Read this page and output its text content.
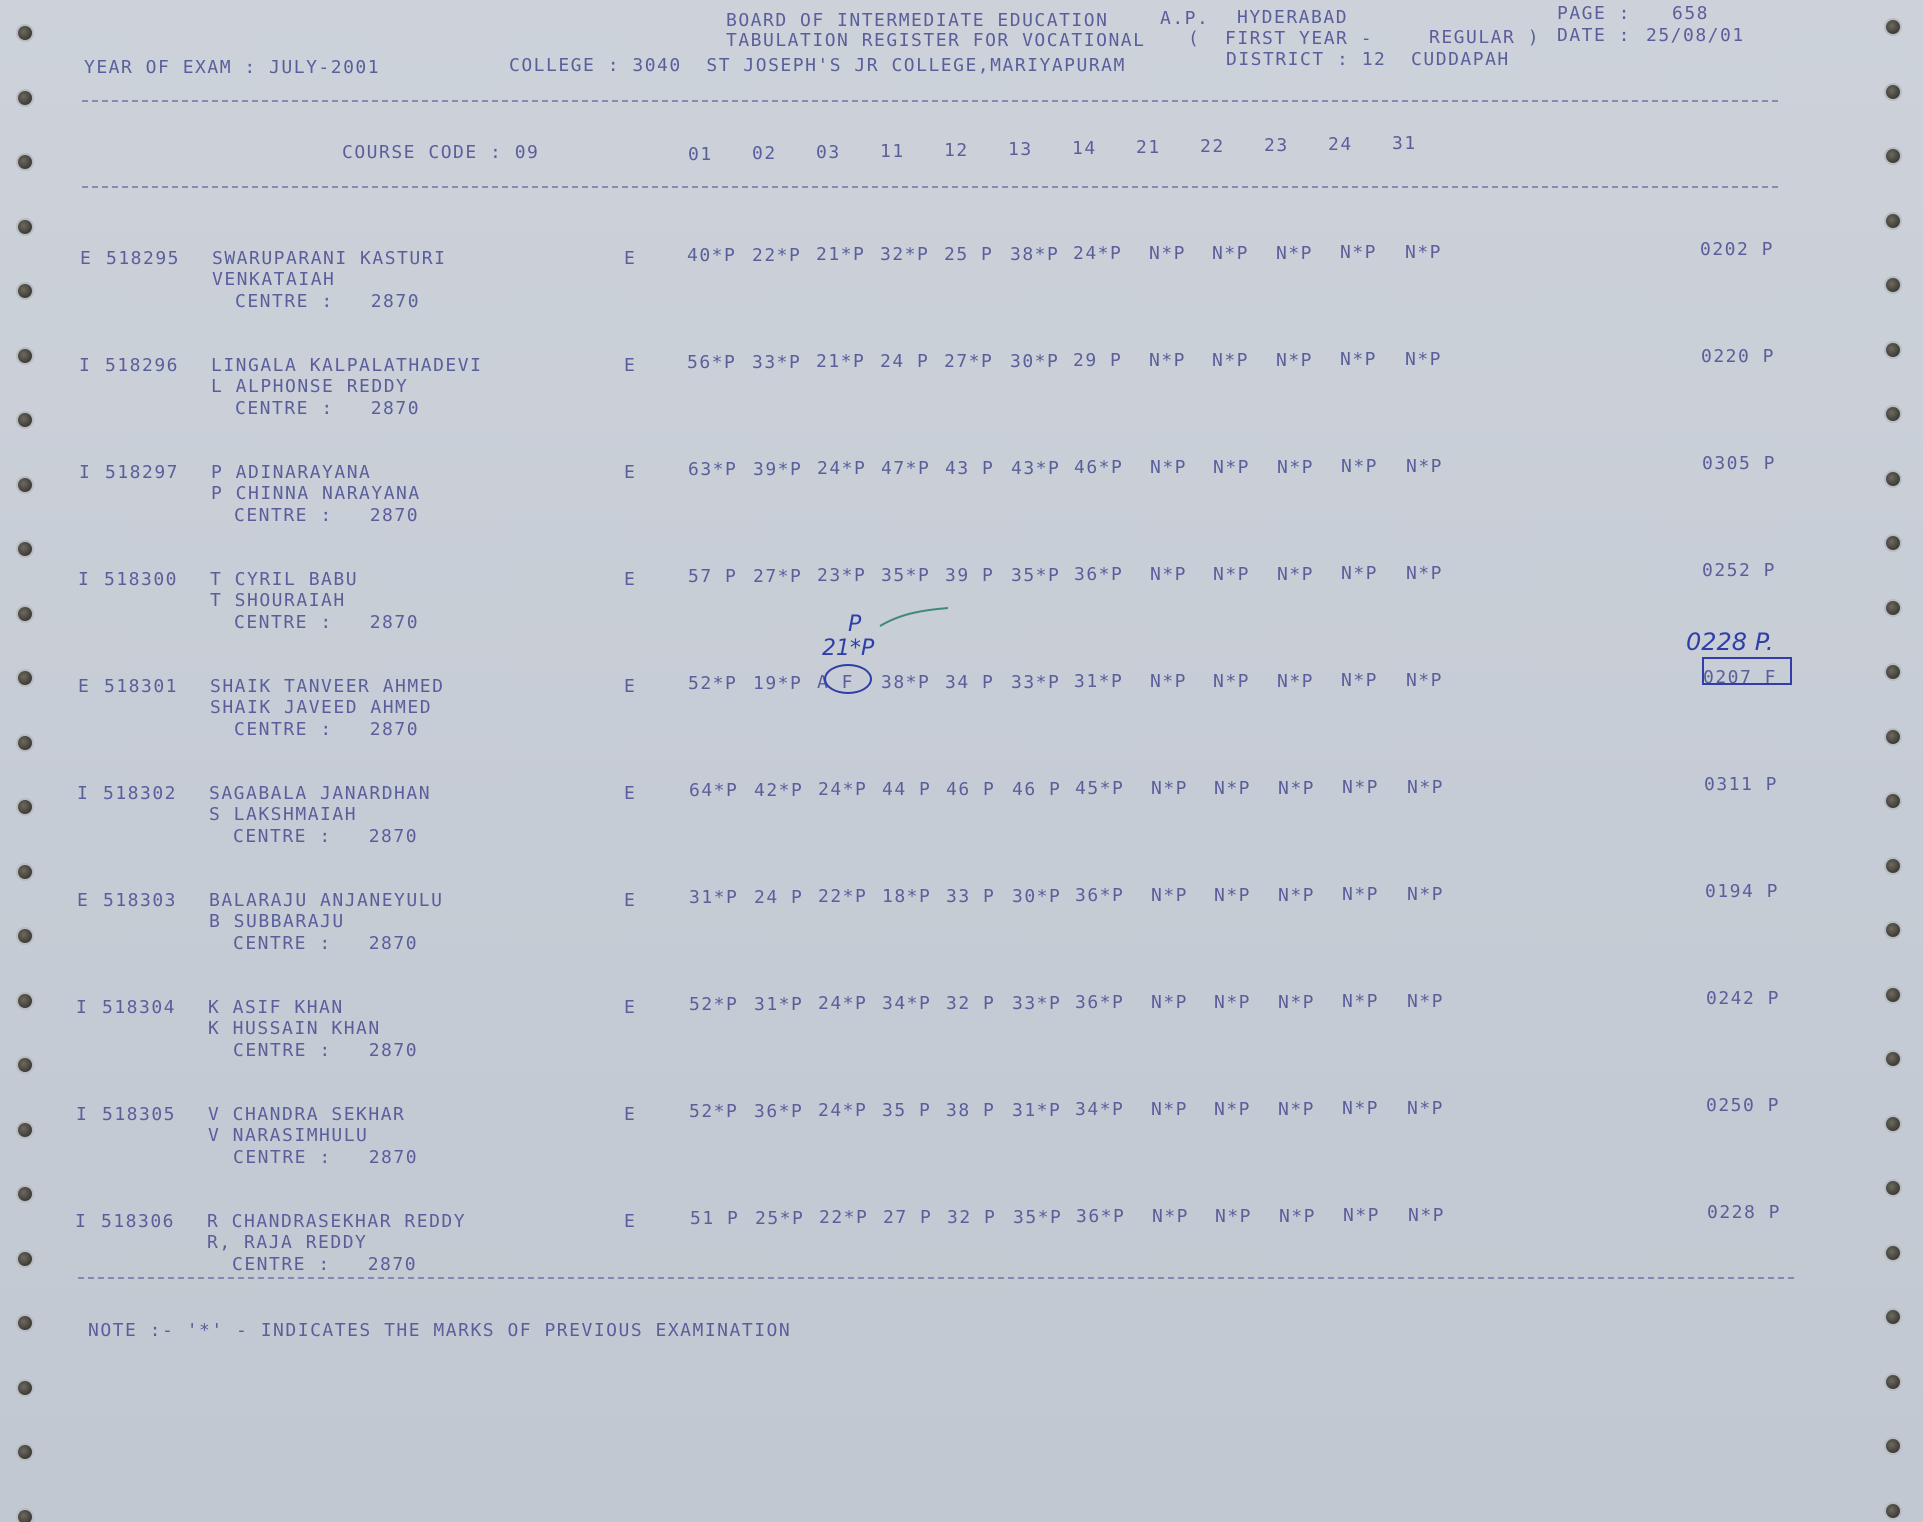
BOARD OF INTERMEDIATE EDUCATION	A.P. HYDERABAD	PAGE : 658
TABULATION REGISTER FOR VOCATIONAL (  FIRST YEAR -	REGULAR ) DATE : 25/08/01
YEAR OF EXAM : JULY-2001	COLLEGE : 3040  ST JOSEPH'S JR COLLEGE,MARIYAPURAM	DISTRICT : 12  CUDDAPAH
COURSE CODE : 09	01 02 03 11 12 13 14 21 22 23 24 31
E 518295 SWARUPARANI KASTURI
VENKATAIAH
CENTRE :   2870
E	40*P 22*P 21*P 32*P 25 P 38*P 24*P N*P N*P N*P N*P N*P	0202 P
I 518296 LINGALA KALPALATHADEVI
L ALPHONSE REDDY
CENTRE :   2870
E	56*P 33*P 21*P 24 P 27*P 30*P 29 P N*P N*P N*P N*P N*P	0220 P
I 518297 P ADINARAYANA
P CHINNA NARAYANA
CENTRE :   2870
E	63*P 39*P 24*P 47*P 43 P 43*P 46*P N*P N*P N*P N*P N*P	0305 P
I 518300 T CYRIL BABU
T SHOURAIAH
CENTRE :   2870
E	57 P 27*P 23*P 35*P 39 P 35*P 36*P N*P N*P N*P N*P N*P	0252 P
E 518301 SHAIK TANVEER AHMED
SHAIK JAVEED AHMED
CENTRE :   2870
E	52*P 19*P A F 38*P 34 P 33*P 31*P N*P N*P N*P N*P N*P	0207 F
I 518302 SAGABALA JANARDHAN
S LAKSHMAIAH
CENTRE :   2870
E	64*P 42*P 24*P 44 P 46 P 46 P 45*P N*P N*P N*P N*P N*P	0311 P
E 518303 BALARAJU ANJANEYULU
B SUBBARAJU
CENTRE :   2870
E	31*P 24 P 22*P 18*P 33 P 30*P 36*P N*P N*P N*P N*P N*P	0194 P
I 518304 K ASIF KHAN
K HUSSAIN KHAN
CENTRE :   2870
E	52*P 31*P 24*P 34*P 32 P 33*P 36*P N*P N*P N*P N*P N*P	0242 P
I 518305 V CHANDRA SEKHAR
V NARASIMHULU
CENTRE :   2870
E	52*P 36*P 24*P 35 P 38 P 31*P 34*P N*P N*P N*P N*P N*P	0250 P
I 518306 R CHANDRASEKHAR REDDY
R, RAJA REDDY
CENTRE :   2870
E	51 P 25*P 22*P 27 P 32 P 35*P 36*P N*P N*P N*P N*P N*P	0228 P
P
21*P	0228 P.
NOTE :- '*' - INDICATES THE MARKS OF PREVIOUS EXAMINATION
